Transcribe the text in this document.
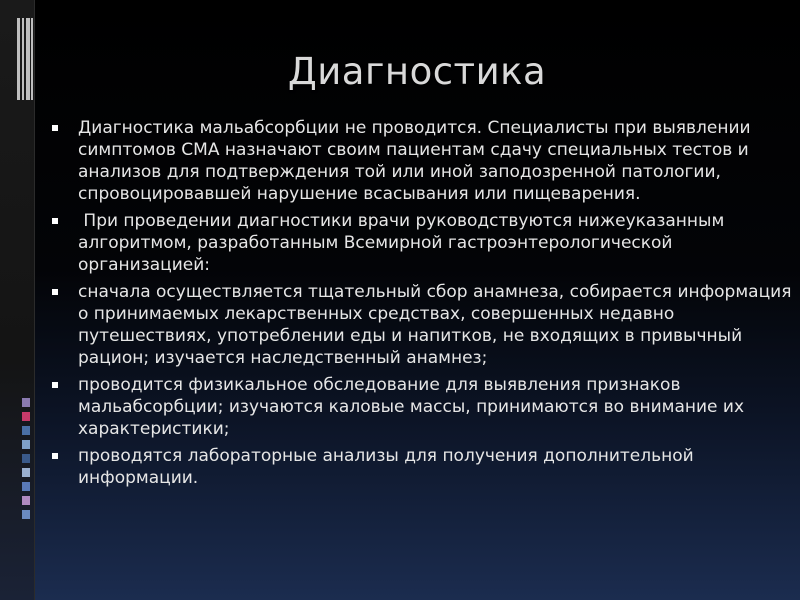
Диагностика
Диагностика мальабсорбции не проводится. Специалисты при выявлении симптомов СМА назначают своим пациентам сдачу специальных тестов и анализов для подтверждения той или иной заподозренной патологии, спровоцировавшей нарушение всасывания или пищеварения.
При проведении диагностики врачи руководствуются нижеуказанным алгоритмом, разработанным Всемирной гастроэнтерологической организацией:
сначала осуществляется тщательный сбор анамнеза, собирается информация о принимаемых лекарственных средствах, совершенных недавно путешествиях, употреблении еды и напитков, не входящих в привычный рацион; изучается наследственный анамнез;
проводится физикальное обследование для выявления признаков мальабсорбции; изучаются каловые массы, принимаются во внимание их характеристики;
проводятся лабораторные анализы для получения дополнительной информации.
